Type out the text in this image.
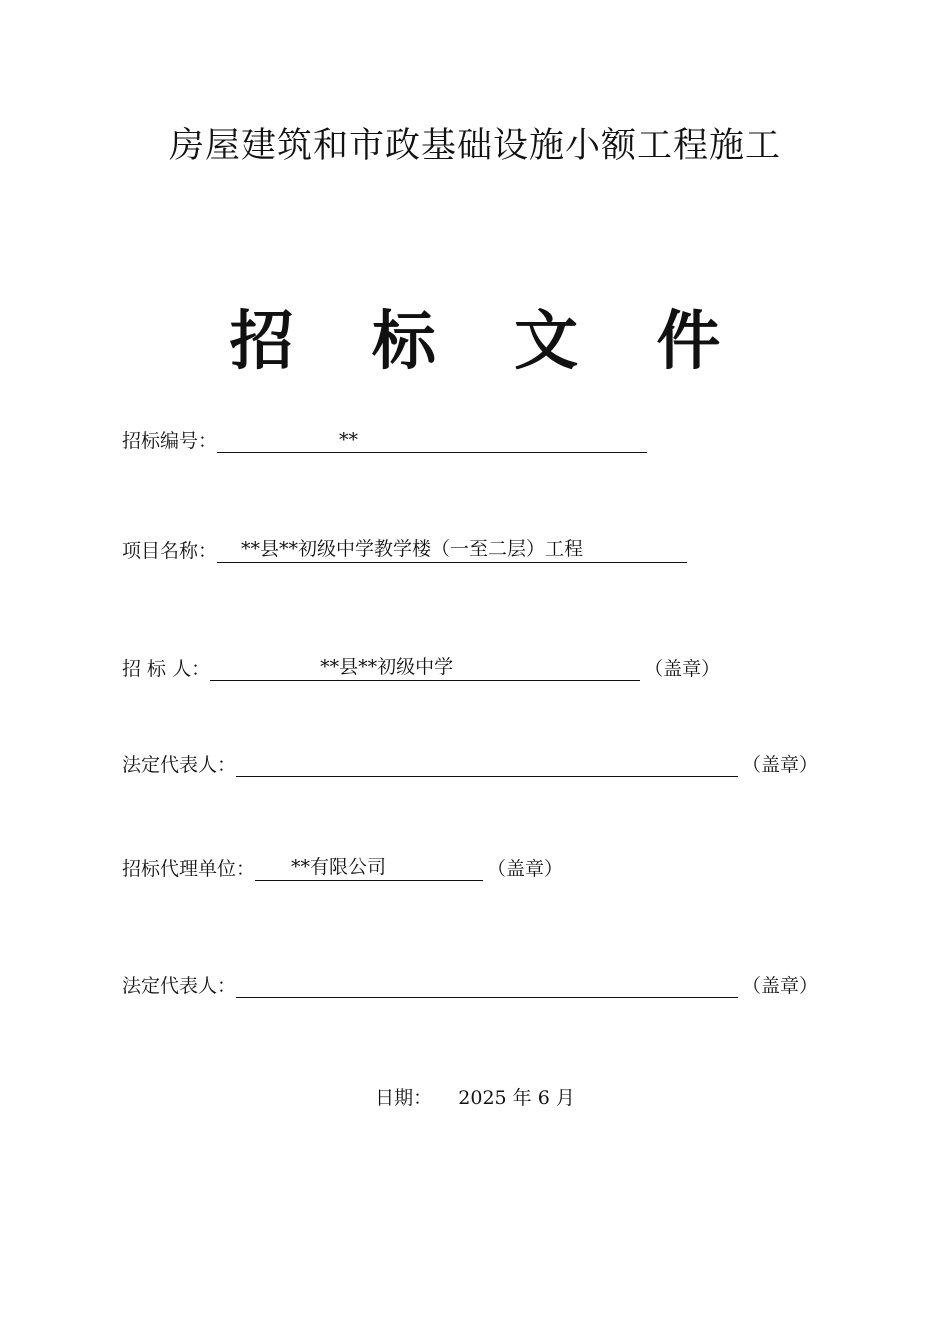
房屋建筑和市政基础设施小额工程施工
招 标 文 件
招标编号：	**
项目名称： **县**初级中学教学楼（一至二层）工程
招 标 人：	**县**初级中学	（盖章）
法定代表人：	（盖章）
招标代理单位： **有限公司	（盖章）
法定代表人：	（盖章）
日期： 2025 年 6 月
